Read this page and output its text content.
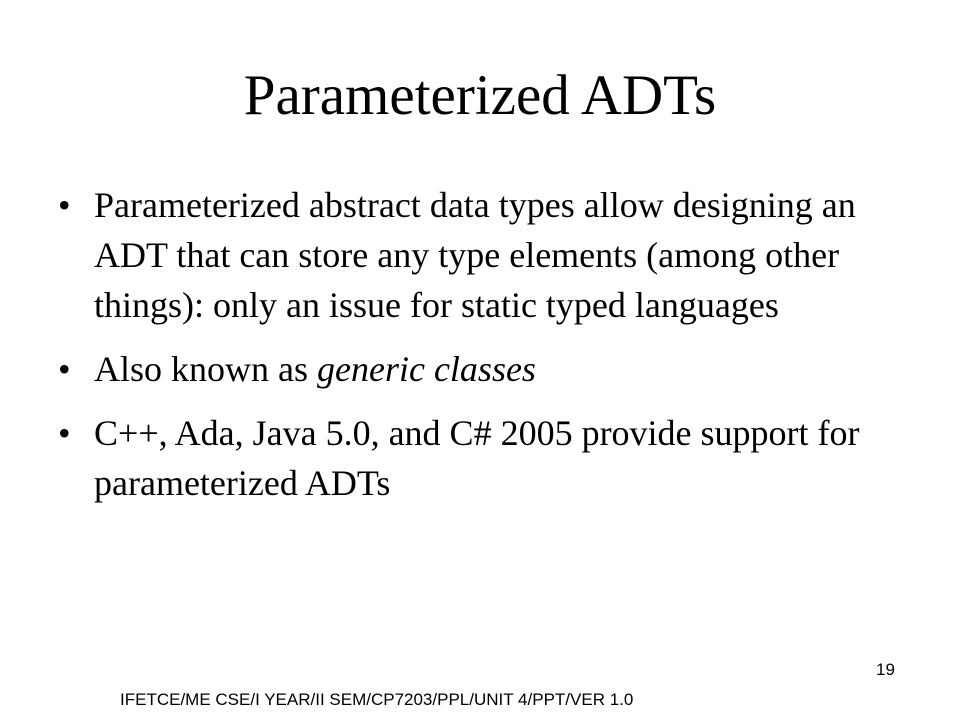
Parameterized ADTs
• Parameterized abstract data types allow designing an ADT that can store any type elements (among other things): only an issue for static typed languages
• Also known as generic classes
• C++, Ada, Java 5.0, and C# 2005 provide support for parameterized ADTs
19
IFETCE/ME CSE/I YEAR/II SEM/CP7203/PPL/UNIT 4/PPT/VER 1.0
